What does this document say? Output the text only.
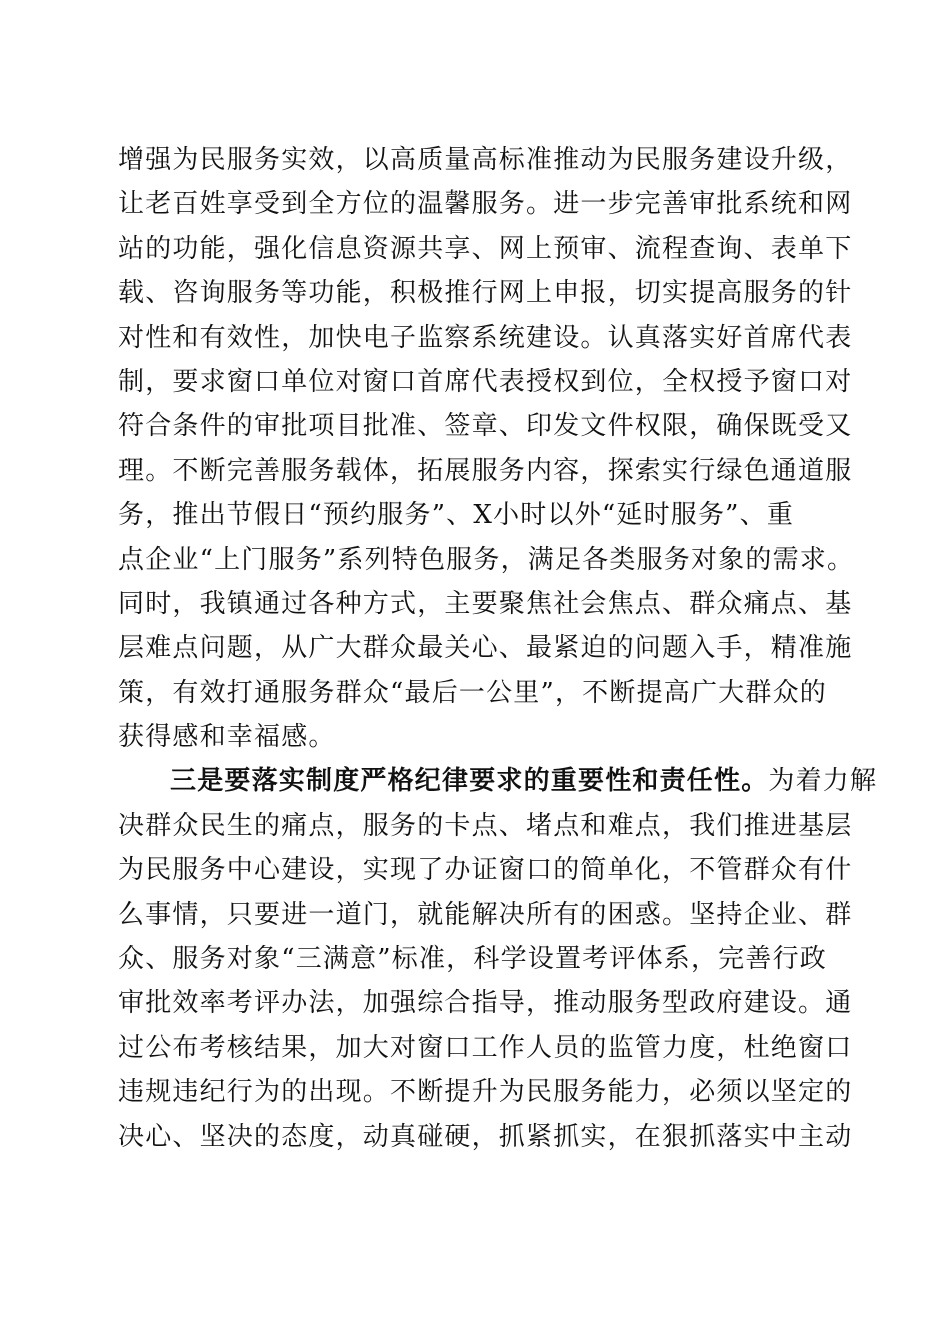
增强为民服务实效，以高质量高标准推动为民服务建设升级，
让老百姓享受到全方位的温馨服务。进一步完善审批系统和网
站的功能，强化信息资源共享、网上预审、流程查询、表单下
载、咨询服务等功能，积极推行网上申报，切实提高服务的针
对性和有效性，加快电子监察系统建设。认真落实好首席代表
制，要求窗口单位对窗口首席代表授权到位，全权授予窗口对
符合条件的审批项目批准、签章、印发文件权限，确保既受又
理。不断完善服务载体，拓展服务内容，探索实行绿色通道服
务，推出节假日“预约服务”、X小时以外“延时服务”、重
点企业“上门服务”系列特色服务，满足各类服务对象的需求。
同时，我镇通过各种方式，主要聚焦社会焦点、群众痛点、基
层难点问题，从广大群众最关心、最紧迫的问题入手，精准施
策，有效打通服务群众“最后一公里”，不断提高广大群众的
获得感和幸福感。
三是要落实制度严格纪律要求的重要性和责任性。为着力解
决群众民生的痛点，服务的卡点、堵点和难点，我们推进基层
为民服务中心建设，实现了办证窗口的简单化，不管群众有什
么事情，只要进一道门，就能解决所有的困惑。坚持企业、群
众、服务对象“三满意”标准，科学设置考评体系，完善行政
审批效率考评办法，加强综合指导，推动服务型政府建设。通
过公布考核结果，加大对窗口工作人员的监管力度，杜绝窗口
违规违纪行为的出现。不断提升为民服务能力，必须以坚定的
决心、坚决的态度，动真碰硬，抓紧抓实，在狠抓落实中主动
